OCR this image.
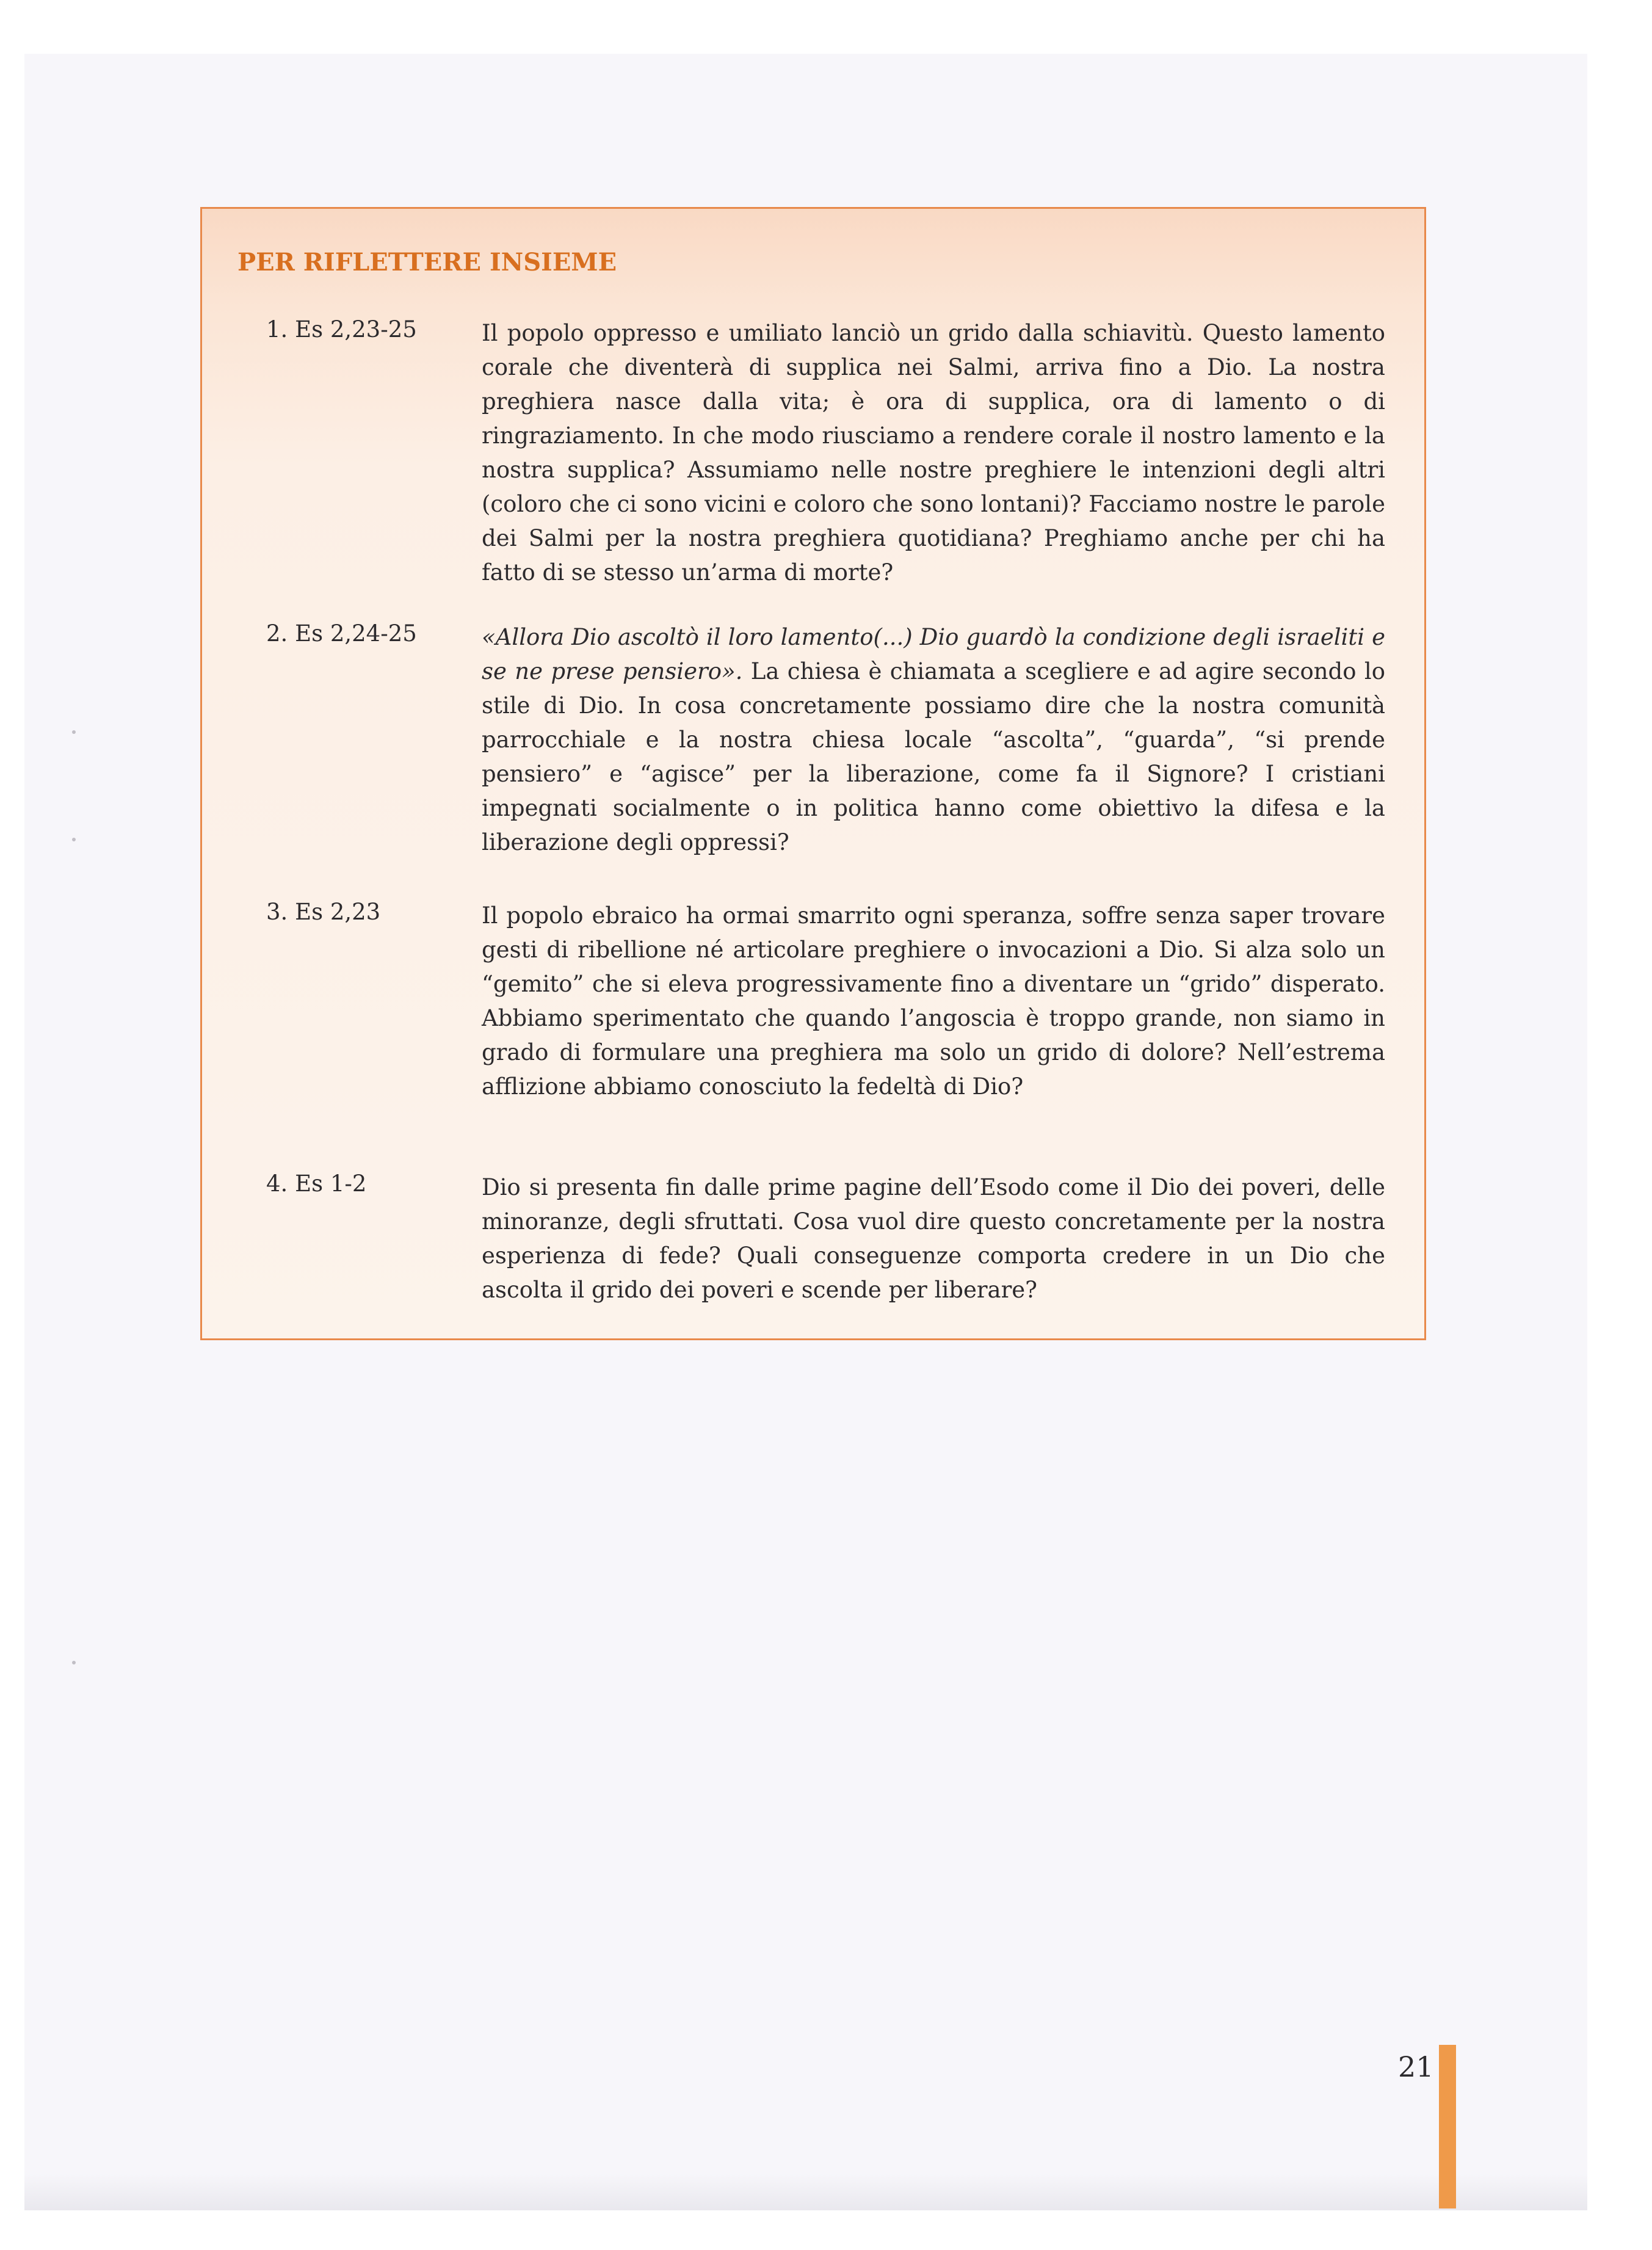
PER RIFLETTERE INSIEME
1. Es 2,23-25	Il popolo oppresso e umiliato lanciò un grido dalla schiavitù. Questo lamento corale che diventerà di supplica nei Salmi, arriva fino a Dio. La nostra preghiera nasce dalla vita; è ora di supplica, ora di lamento o di ringraziamento. In che modo riusciamo a rendere corale il nostro lamento e la nostra supplica? Assumiamo nelle nostre preghiere le intenzioni degli altri (coloro che ci sono vicini e coloro che sono lontani)? Facciamo nostre le parole dei Salmi per la nostra preghiera quotidiana? Preghiamo anche per chi ha fatto di se stesso un’arma di morte?

2. Es 2,24-25	«Allora Dio ascoltò il loro lamento(...) Dio guardò la condizione degli israeliti e se ne prese pensiero». La chiesa è chiamata a scegliere e ad agire secondo lo stile di Dio. In cosa concretamente possiamo dire che la nostra comunità parrocchiale e la nostra chiesa locale “ascolta”, “guarda”, “si prende pensiero” e “agisce” per la liberazione, come fa il Signore? I cristiani impegnati socialmente o in politica hanno come obiettivo la difesa e la liberazione degli oppressi?

3. Es 2,23	Il popolo ebraico ha ormai smarrito ogni speranza, soffre senza saper trovare gesti di ribellione né articolare preghiere o invocazioni a Dio. Si alza solo un “gemito” che si eleva progressivamente fino a diventare un “grido” disperato. Abbiamo sperimentato che quando l’angoscia è troppo grande, non siamo in grado di formulare una preghiera ma solo un grido di dolore? Nell’estrema afflizione abbiamo conosciuto la fedeltà di Dio?

4. Es 1-2	Dio si presenta fin dalle prime pagine dell’Esodo come il Dio dei poveri, delle minoranze, degli sfruttati. Cosa vuol dire questo concretamente per la nostra esperienza di fede? Quali conseguenze comporta credere in un Dio che ascolta il grido dei poveri e scende per liberare?

21
